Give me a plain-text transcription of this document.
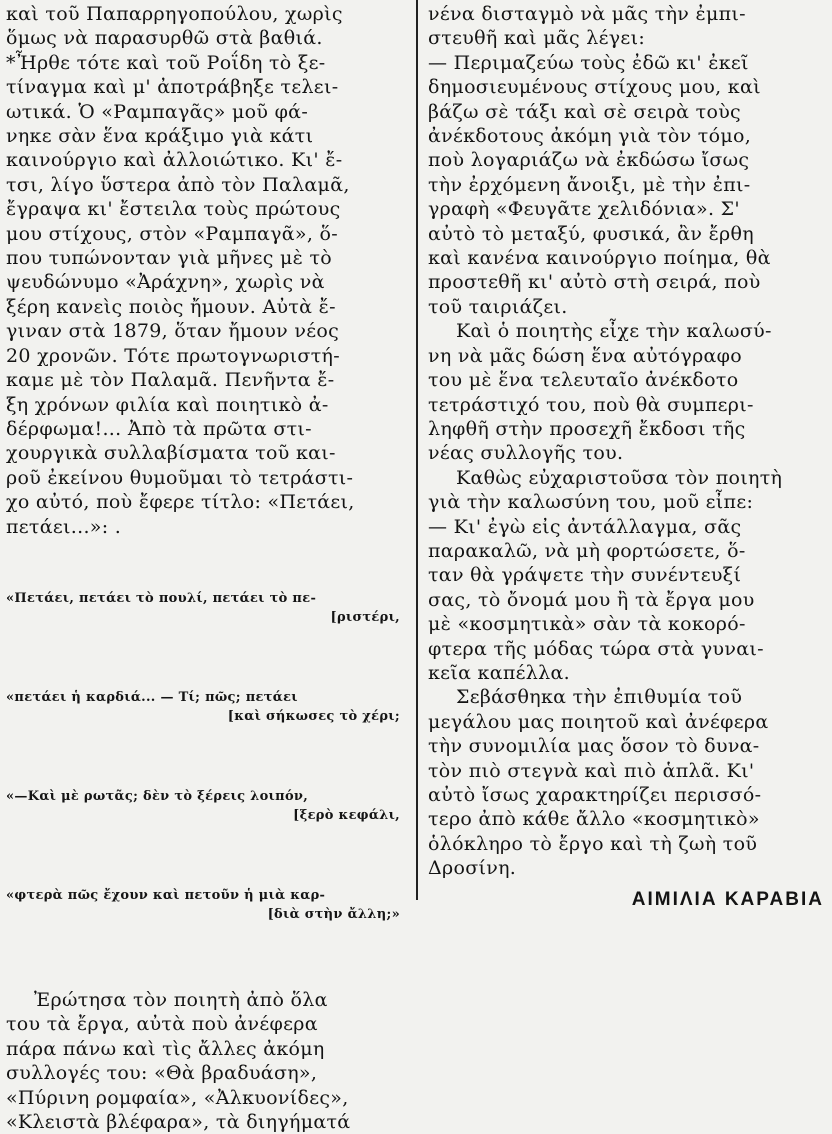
καὶ τοῦ Παπαρρηγοπούλου, χωρὶς
ὅμως νὰ παρασυρθῶ στὰ βαθιά.
*Ἦρθε τότε καὶ τοῦ Ροΐδη τὸ ξε-
τίναγμα καὶ μ' ἀποτράβηξε τελει-
ωτικά. Ὁ «Ραμπαγᾶς» μοῦ φά-
νηκε σὰν ἕνα κράξιμο γιὰ κάτι
καινούργιο καὶ ἀλλοιώτικο. Κι' ἔ-
τσι, λίγο ὕστερα ἀπὸ τὸν Παλαμᾶ,
ἔγραψα κι' ἔστειλα τοὺς πρώτους
μου στίχους, στὸν «Ραμπαγᾶ», ὅ-
που τυπώνονταν γιὰ μῆνες μὲ τὸ
ψευδώνυμο «Ἀράχνη», χωρὶς νὰ
ξέρη κανεὶς ποιὸς ἤμουν. Αὐτὰ ἔ-
γιναν στὰ 1879, ὅταν ἤμουν νέος
20 χρονῶν. Τότε πρωτογνωριστή-
καμε μὲ τὸν Παλαμᾶ. Πενῆντα ἔ-
ξη χρόνων φιλία καὶ ποιητικὸ ἀ-
δέρφωμα!... Ἀπὸ τὰ πρῶτα στι-
χουργικὰ συλλαβίσματα τοῦ και-
ροῦ ἐκείνου θυμοῦμαι τὸ τετράστι-
χο αὐτό, ποὺ ἔφερε τίτλο: «Πετάει,
πετάει...»: .

«Πετάει, πετάει τὸ πουλί, πετάει τὸ πε-

[ριστέρι,

«πετάει ἡ καρδιά... — Τί; πῶς; πετάει

[καὶ σήκωσες τὸ χέρι;

«—Καὶ μὲ ρωτᾶς; δὲν τὸ ξέρεις λοιπόν,

[ξερὸ κεφάλι,

«φτερὰ πῶς ἔχουν καὶ πετοῦν ἡ μιὰ καρ-

[διὰ στὴν ἄλλη;»

Ἐρώτησα τὸν ποιητὴ ἀπὸ ὅλα
του τὰ ἔργα, αὐτὰ ποὺ ἀνέφερα
πάρα πάνω καὶ τὶς ἄλλες ἀκόμη
συλλογές του: «Θὰ βραδυάση»,
«Πύρινη ρομφαία», «Ἀλκυονίδες»,
«Κλειστὰ βλέφαρα», τὰ διηγήματά

νένα δισταγμὸ νὰ μᾶς τὴν ἐμπι-
στευθῆ καὶ μᾶς λέγει:
— Περιμαζεύω τοὺς ἐδῶ κι' ἐκεῖ
δημοσιευμένους στίχους μου, καὶ
βάζω σὲ τάξι καὶ σὲ σειρὰ τοὺς
ἀνέκδοτους ἀκόμη γιὰ τὸν τόμο,
ποὺ λογαριάζω νὰ ἐκδώσω ἴσως
τὴν ἐρχόμενη ἄνοιξι, μὲ τὴν ἐπι-
γραφὴ «Φευγᾶτε χελιδόνια». Σ'
αὐτὸ τὸ μεταξύ, φυσικά, ἂν ἔρθη
καὶ κανένα καινούργιο ποίημα, θὰ
προστεθῆ κι' αὐτὸ στὴ σειρά, ποὺ
τοῦ ταιριάζει.

Καὶ ὁ ποιητὴς εἶχε τὴν καλωσύ-
νη νὰ μᾶς δώση ἕνα αὐτόγραφο
του μὲ ἕνα τελευταῖο ἀνέκδοτο
τετράστιχό του, ποὺ θὰ συμπερι-
ληφθῆ στὴν προσεχῆ ἔκδοσι τῆς
νέας συλλογῆς του.

Καθὼς εὐχαριστοῦσα τὸν ποιητὴ
γιὰ τὴν καλωσύνη του, μοῦ εἶπε:
— Κι' ἐγὼ εἰς ἀντάλλαγμα, σᾶς
παρακαλῶ, νὰ μὴ φορτώσετε, ὅ-
ταν θὰ γράψετε τὴν συνέντευξί
σας, τὸ ὄνομά μου ἢ τὰ ἔργα μου
μὲ «κοσμητικὰ» σὰν τὰ κοκορό-
φτερα τῆς μόδας τώρα στὰ γυναι-
κεῖα καπέλλα.

Σεβάσθηκα τὴν ἐπιθυμία τοῦ
μεγάλου μας ποιητοῦ καὶ ἀνέφερα
τὴν συνομιλία μας ὅσον τὸ δυνα-
τὸν πιὸ στεγνὰ καὶ πιὸ ἁπλᾶ. Κι'
αὐτὸ ἴσως χαρακτηρίζει περισσό-
τερο ἀπὸ κάθε ἄλλο «κοσμητικὸ»
ὁλόκληρο τὸ ἔργο καὶ τὴ ζωὴ τοῦ
Δροσίνη.

ΑΙΜΙΛΙΑ ΚΑΡΑΒΙΑ
